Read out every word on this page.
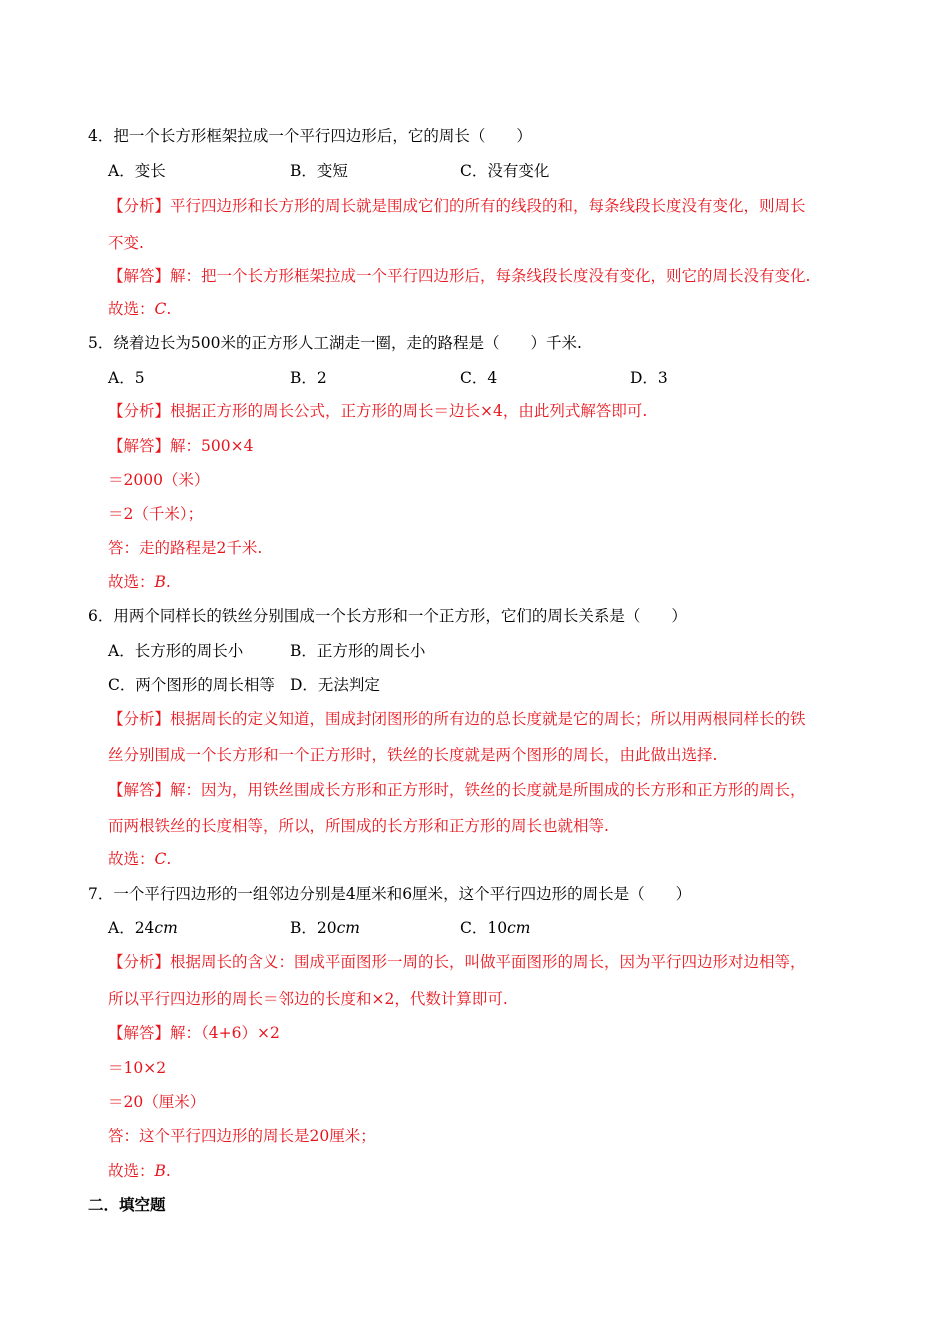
4．把一个长方形框架拉成一个平行四边形后，它的周长（　　）
A．变长	B．变短	C．没有变化
【分析】平行四边形和长方形的周长就是围成它们的所有的线段的和，每条线段长度没有变化，则周长
不变.
【解答】解：把一个长方形框架拉成一个平行四边形后，每条线段长度没有变化，则它的周长没有变化.
故选：C.
5．绕着边长为500米的正方形人工湖走一圈，走的路程是（　　）千米.
A．5	B．2	C．4	D．3
【分析】根据正方形的周长公式，正方形的周长＝边长×4，由此列式解答即可.
【解答】解：500×4
＝2000（米）
＝2（千米）；
答：走的路程是2千米.
故选：B.
6．用两个同样长的铁丝分别围成一个长方形和一个正方形，它们的周长关系是（　　）
A．长方形的周长小	B．正方形的周长小
C．两个图形的周长相等 D．无法判定
【分析】根据周长的定义知道，围成封闭图形的所有边的总长度就是它的周长；所以用两根同样长的铁
丝分别围成一个长方形和一个正方形时，铁丝的长度就是两个图形的周长，由此做出选择.
【解答】解：因为，用铁丝围成长方形和正方形时，铁丝的长度就是所围成的长方形和正方形的周长，
而两根铁丝的长度相等，所以，所围成的长方形和正方形的周长也就相等.
故选：C.
7．一个平行四边形的一组邻边分别是4厘米和6厘米，这个平行四边形的周长是（　　）
A．24cm	B．20cm	C．10cm
【分析】根据周长的含义：围成平面图形一周的长，叫做平面图形的周长，因为平行四边形对边相等，
所以平行四边形的周长＝邻边的长度和×2，代数计算即可.
【解答】解：（4+6）×2
＝10×2
＝20（厘米）
答：这个平行四边形的周长是20厘米；
故选：B.
二．填空题
